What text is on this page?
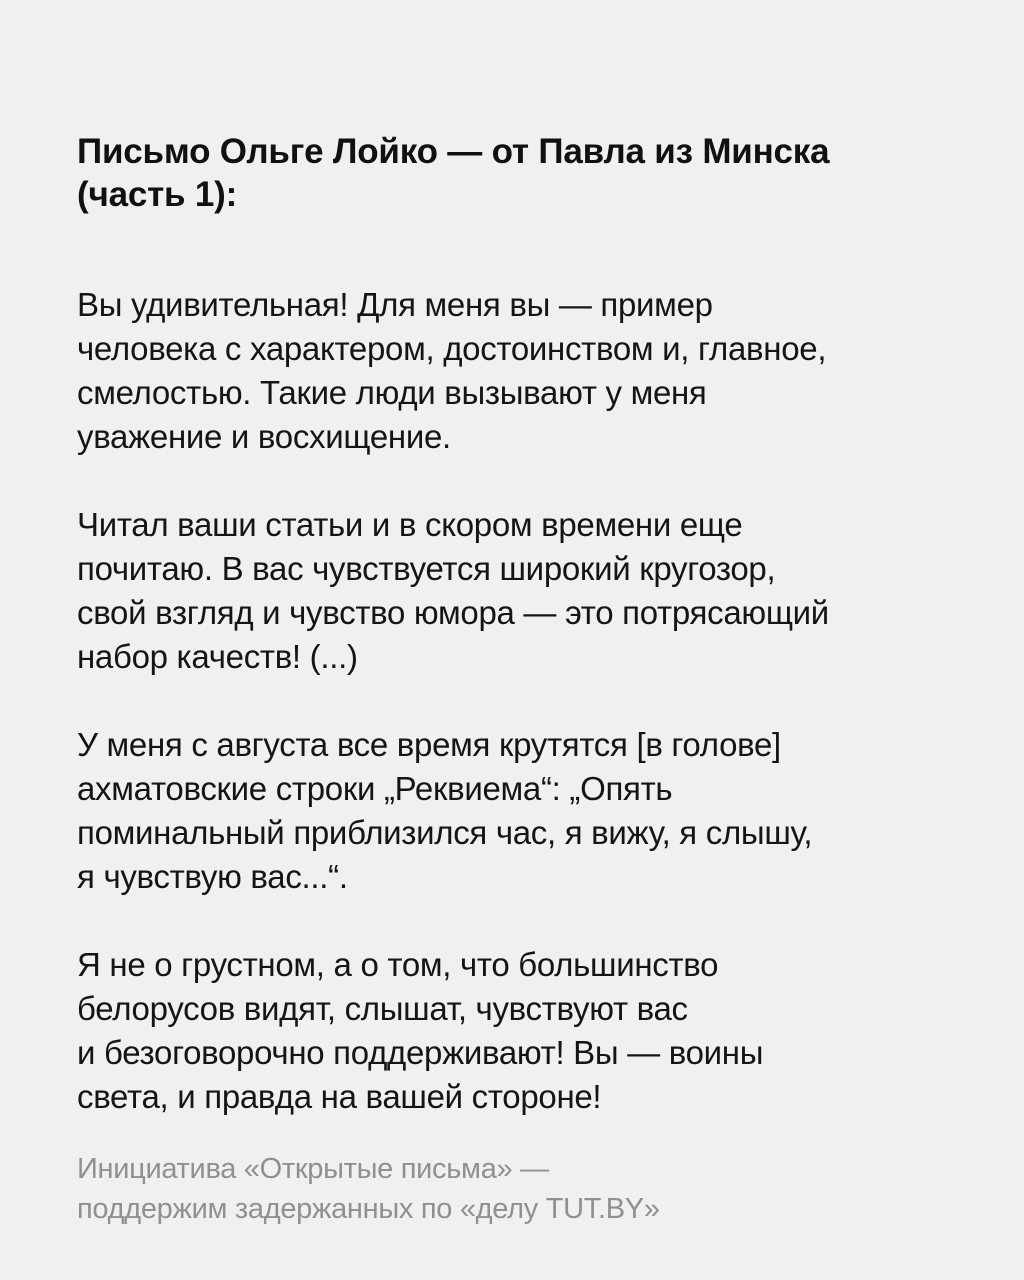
Письмо Ольге Лойко — от Павла из Минска
(часть 1):

Вы удивительная! Для меня вы — пример
человека с характером, достоинством и, главное,
смелостью. Такие люди вызывают у меня
уважение и восхищение.

Читал ваши статьи и в скором времени еще
почитаю. В вас чувствуется широкий кругозор,
свой взгляд и чувство юмора — это потрясающий
набор качеств! (...)

У меня с августа все время крутятся [в голове]
ахматовские строки „Реквиема“: „Опять
поминальный приблизился час, я вижу, я слышу,
я чувствую вас...“.

Я не о грустном, а о том, что большинство
белорусов видят, слышат, чувствуют вас
и безоговорочно поддерживают! Вы — воины
света, и правда на вашей стороне!

Инициатива «Открытые письма» —
поддержим задержанных по «делу TUT.BY»
